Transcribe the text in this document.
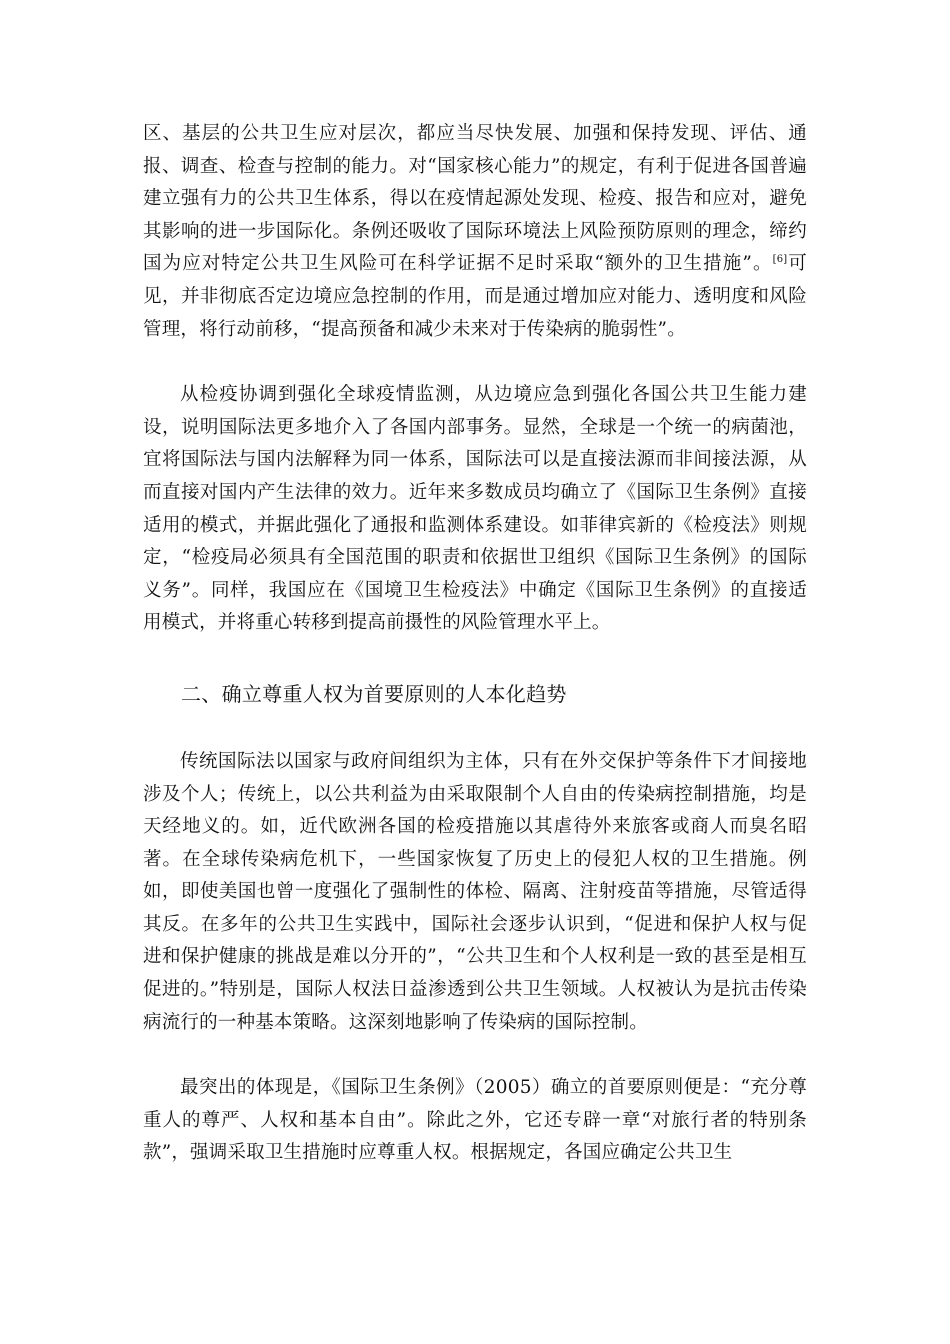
区、基层的公共卫生应对层次，都应当尽快发展、加强和保持发现、评估、通报、调查、检查与控制的能力。对“国家核心能力”的规定，有利于促进各国普遍建立强有力的公共卫生体系，得以在疫情起源处发现、检疫、报告和应对，避免其影响的进一步国际化。条例还吸收了国际环境法上风险预防原则的理念，缔约国为应对特定公共卫生风险可在科学证据不足时采取“额外的卫生措施”。[6]可见，并非彻底否定边境应急控制的作用，而是通过增加应对能力、透明度和风险管理，将行动前移，“提高预备和减少未来对于传染病的脆弱性”。

从检疫协调到强化全球疫情监测，从边境应急到强化各国公共卫生能力建设，说明国际法更多地介入了各国内部事务。显然，全球是一个统一的病菌池，宜将国际法与国内法解释为同一体系，国际法可以是直接法源而非间接法源，从而直接对国内产生法律的效力。近年来多数成员均确立了《国际卫生条例》直接适用的模式，并据此强化了通报和监测体系建设。如菲律宾新的《检疫法》则规定，“检疫局必须具有全国范围的职责和依据世卫组织《国际卫生条例》的国际义务”。同样，我国应在《国境卫生检疫法》中确定《国际卫生条例》的直接适用模式，并将重心转移到提高前摄性的风险管理水平上。

二、确立尊重人权为首要原则的人本化趋势

传统国际法以国家与政府间组织为主体，只有在外交保护等条件下才间接地涉及个人；传统上，以公共利益为由采取限制个人自由的传染病控制措施，均是天经地义的。如，近代欧洲各国的检疫措施以其虐待外来旅客或商人而臭名昭著。在全球传染病危机下，一些国家恢复了历史上的侵犯人权的卫生措施。例如，即使美国也曾一度强化了强制性的体检、隔离、注射疫苗等措施，尽管适得其反。在多年的公共卫生实践中，国际社会逐步认识到，“促进和保护人权与促进和保护健康的挑战是难以分开的”，“公共卫生和个人权利是一致的甚至是相互促进的。”特别是，国际人权法日益渗透到公共卫生领域。人权被认为是抗击传染病流行的一种基本策略。这深刻地影响了传染病的国际控制。

最突出的体现是，《国际卫生条例》（2005）确立的首要原则便是：“充分尊重人的尊严、人权和基本自由”。除此之外，它还专辟一章“对旅行者的特别条款”，强调采取卫生措施时应尊重人权。根据规定，各国应确定公共卫生
